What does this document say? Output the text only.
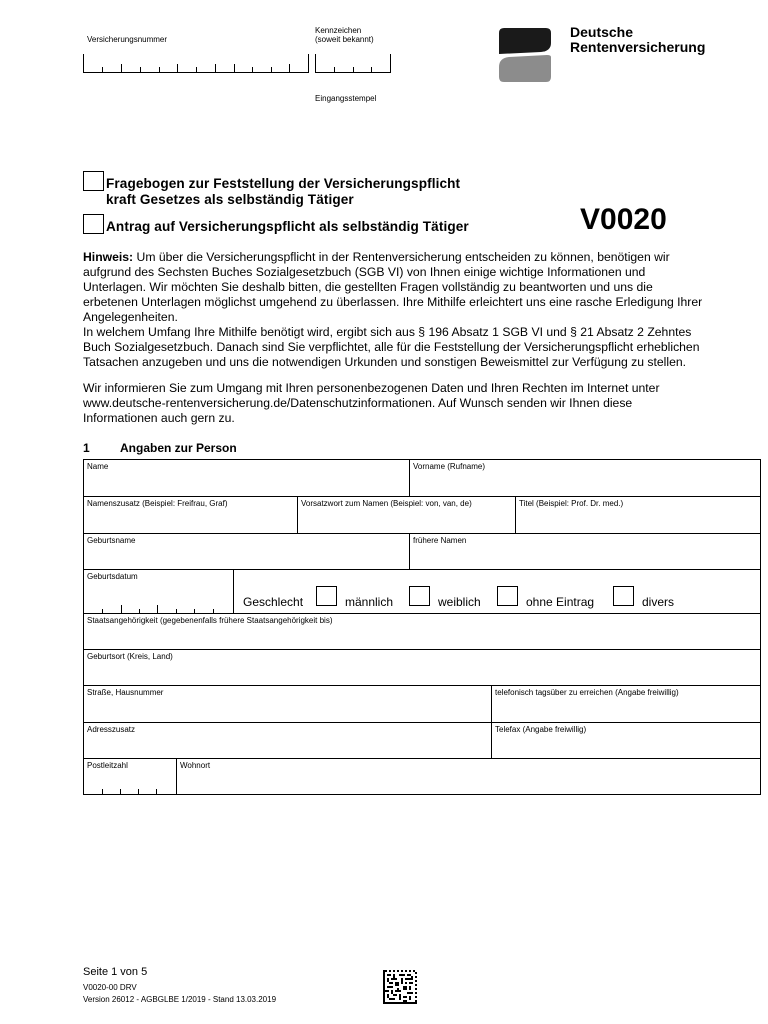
Versicherungsnummer
Kennzeichen
(soweit bekannt)
Eingangsstempel
Deutsche
Rentenversicherung
Fragebogen zur Feststellung der Versicherungspflicht
kraft Gesetzes als selbständig Tätiger
Antrag auf Versicherungspflicht als selbständig Tätiger	V0020
Hinweis: Um über die Versicherungspflicht in der Rentenversicherung entscheiden zu können, benötigen wir
aufgrund des Sechsten Buches Sozialgesetzbuch (SGB VI) von Ihnen einige wichtige Informationen und
Unterlagen. Wir möchten Sie deshalb bitten, die gestellten Fragen vollständig zu beantworten und uns die
erbetenen Unterlagen möglichst umgehend zu überlassen. Ihre Mithilfe erleichtert uns eine rasche Erledigung Ihrer
Angelegenheiten.
In welchem Umfang Ihre Mithilfe benötigt wird, ergibt sich aus § 196 Absatz 1 SGB VI und § 21 Absatz 2 Zehntes
Buch Sozialgesetzbuch. Danach sind Sie verpflichtet, alle für die Feststellung der Versicherungspflicht erheblichen
Tatsachen anzugeben und uns die notwendigen Urkunden und sonstigen Beweismittel zur Verfügung zu stellen.
Wir informieren Sie zum Umgang mit Ihren personenbezogenen Daten und Ihren Rechten im Internet unter
www.deutsche-rentenversicherung.de/Datenschutzinformationen. Auf Wunsch senden wir Ihnen diese
Informationen auch gern zu.
1	Angaben zur Person
Name	Vorname (Rufname)
Namenszusatz (Beispiel: Freifrau, Graf)	Vorsatzwort zum Namen (Beispiel: von, van, de)	Titel (Beispiel: Prof. Dr. med.)
Geburtsname	frühere Namen
Geburtsdatum
Geschlecht	männlich	weiblich	ohne Eintrag	divers
Staatsangehörigkeit (gegebenenfalls frühere Staatsangehörigkeit bis)
Geburtsort (Kreis, Land)
Straße, Hausnummer	telefonisch tagsüber zu erreichen (Angabe freiwillig)
Adresszusatz	Telefax (Angabe freiwillig)
Postleitzahl	Wohnort
Seite 1 von 5
V0020-00 DRV
Version 26012 - AGBGLBE 1/2019 - Stand 13.03.2019
